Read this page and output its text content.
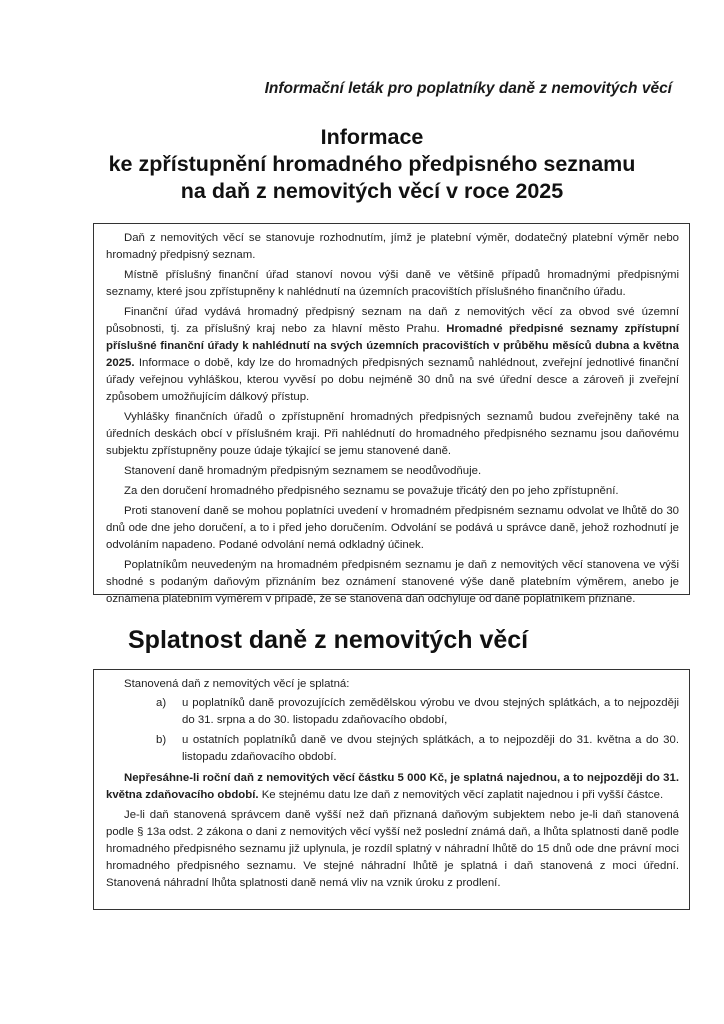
Informační leták pro poplatníky daně z nemovitých věcí
Informace
ke zpřístupnění hromadného předpisného seznamu
na daň z nemovitých věcí v roce 2025

Daň z nemovitých věcí se stanovuje rozhodnutím, jímž je platební výměr, dodatečný platební výměr nebo hromadný předpisný seznam.

Místně příslušný finanční úřad stanoví novou výši daně ve většině případů hromadnými předpisnými seznamy, které jsou zpřístupněny k nahlédnutí na územních pracovištích příslušného finančního úřadu.

Finanční úřad vydává hromadný předpisný seznam na daň z nemovitých věcí za obvod své územní působnosti, tj. za příslušný kraj nebo za hlavní město Prahu. Hromadné předpisné seznamy zpřístupní příslušné finanční úřady k nahlédnutí na svých územních pracovištích v průběhu měsíců dubna a května 2025. Informace o době, kdy lze do hromadných předpisných seznamů nahlédnout, zveřejní jednotlivé finanční úřady veřejnou vyhláškou, kterou vyvěsí po dobu nejméně 30 dnů na své úřední desce a zároveň ji zveřejní způsobem umožňujícím dálkový přístup.

Vyhlášky finančních úřadů o zpřístupnění hromadných předpisných seznamů budou zveřejněny také na úředních deskách obcí v příslušném kraji. Při nahlédnutí do hromadného předpisného seznamu jsou daňovému subjektu zpřístupněny pouze údaje týkající se jemu stanovené daně.

Stanovení daně hromadným předpisným seznamem se neodůvodňuje.

Za den doručení hromadného předpisného seznamu se považuje třicátý den po jeho zpřístupnění.

Proti stanovení daně se mohou poplatníci uvedení v hromadném předpisném seznamu odvolat ve lhůtě do 30 dnů ode dne jeho doručení, a to i před jeho doručením. Odvolání se podává u správce daně, jehož rozhodnutí je odvoláním napadeno. Podané odvolání nemá odkladný účinek.

Poplatníkům neuvedeným na hromadném předpisném seznamu je daň z nemovitých věcí stanovena ve výši shodné s podaným daňovým přiznáním bez oznámení stanovené výše daně platebním výměrem, anebo je oznámena platebním výměrem v případě, že se stanovená daň odchyluje od daně poplatníkem přiznané.

Splatnost daně z nemovitých věcí

Stanovená daň z nemovitých věcí je splatná:

a) u poplatníků daně provozujících zemědělskou výrobu ve dvou stejných splátkách, a to nejpozději do 31. srpna a do 30. listopadu zdaňovacího období,
b) u ostatních poplatníků daně ve dvou stejných splátkách, a to nejpozději do 31. května a do 30. listopadu zdaňovacího období.

Nepřesáhne-li roční daň z nemovitých věcí částku 5 000 Kč, je splatná najednou, a to nejpozději do 31. května zdaňovacího období. Ke stejnému datu lze daň z nemovitých věcí zaplatit najednou i při vyšší částce.

Je-li daň stanovená správcem daně vyšší než daň přiznaná daňovým subjektem nebo je-li daň stanovená podle § 13a odst. 2 zákona o dani z nemovitých věcí vyšší než poslední známá daň, a lhůta splatnosti daně podle hromadného předpisného seznamu již uplynula, je rozdíl splatný v náhradní lhůtě do 15 dnů ode dne právní moci hromadného předpisného seznamu. Ve stejné náhradní lhůtě je splatná i daň stanovená z moci úřední. Stanovená náhradní lhůta splatnosti daně nemá vliv na vznik úroku z prodlení.
